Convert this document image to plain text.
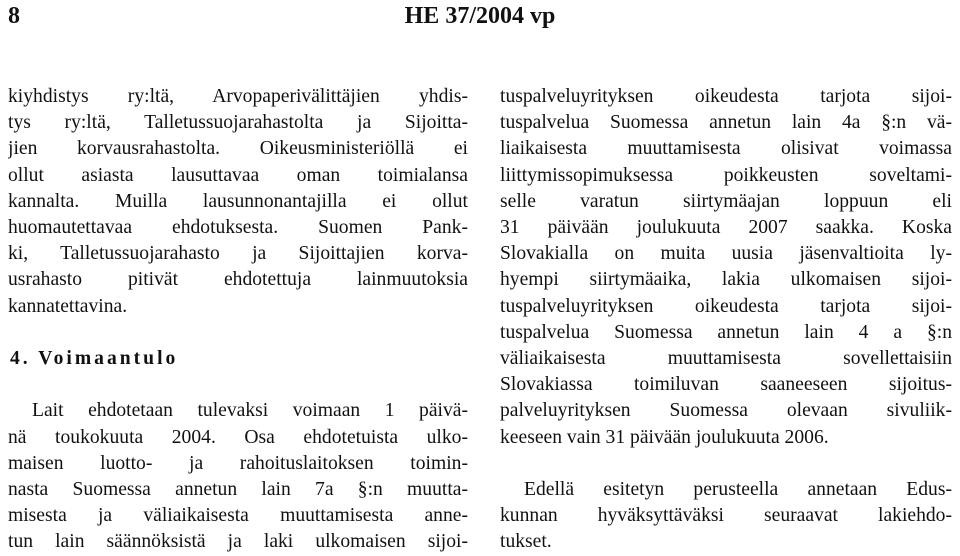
8	HE 37/2004 vp
kiyhdistys ry:ltä, Arvopaperivälittäjien yhdis-
tys ry:ltä, Talletussuojarahastolta ja Sijoitta-
jien korvausrahastolta. Oikeusministeriöllä ei
ollut asiasta lausuttavaa oman toimialansa
kannalta. Muilla lausunnonantajilla ei ollut
huomautettavaa ehdotuksesta. Suomen Pank-
ki, Talletussuojarahasto ja Sijoittajien korva-
usrahasto pitivät ehdotettuja lainmuutoksia
kannatettavina.
4. Voimaantulo
Lait ehdotetaan tulevaksi voimaan 1 päivä-
nä toukokuuta 2004. Osa ehdotetuista ulko-
maisen luotto- ja rahoituslaitoksen toimin-
nasta Suomessa annetun lain 7a §:n muutta-
misesta ja väliaikaisesta muuttamisesta anne-
tun lain säännöksistä ja laki ulkomaisen sijoi-
tuspalveluyrityksen oikeudesta tarjota sijoi-
tuspalvelua Suomessa annetun lain 4a §:n vä-
liaikaisesta muuttamisesta olisivat voimassa
liittymissopimuksessa poikkeusten soveltami-
selle varatun siirtymäajan loppuun eli
31 päivään joulukuuta 2007 saakka. Koska
Slovakialla on muita uusia jäsenvaltioita ly-
hyempi siirtymäaika, lakia ulkomaisen sijoi-
tuspalveluyrityksen oikeudesta tarjota sijoi-
tuspalvelua Suomessa annetun lain 4 a §:n
väliaikaisesta muuttamisesta sovellettaisiin
Slovakiassa toimiluvan saaneeseen sijoitus-
palveluyrityksen Suomessa olevaan sivuliik-
keeseen vain 31 päivään joulukuuta 2006.
Edellä esitetyn perusteella annetaan Edus-
kunnan hyväksyttäväksi seuraavat lakiehdo-
tukset.
